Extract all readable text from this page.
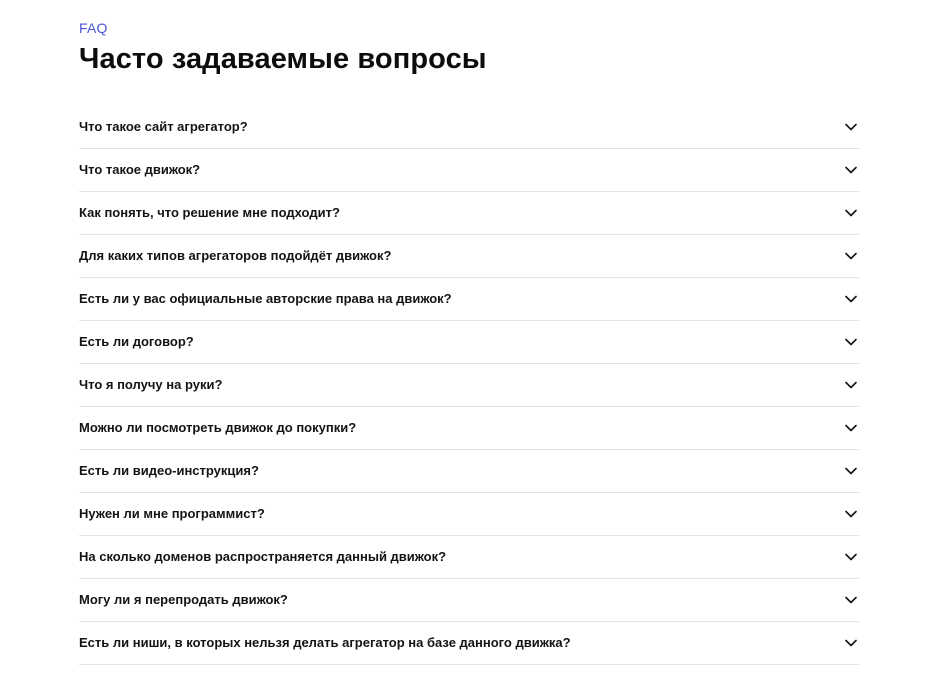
FAQ
Часто задаваемые вопросы
Что такое сайт агрегатор?
Что такое движок?
Как понять, что решение мне подходит?
Для каких типов агрегаторов подойдёт движок?
Есть ли у вас официальные авторские права на движок?
Есть ли договор?
Что я получу на руки?
Можно ли посмотреть движок до покупки?
Есть ли видео-инструкция?
Нужен ли мне программист?
На сколько доменов распространяется данный движок?
Могу ли я перепродать движок?
Есть ли ниши, в которых нельзя делать агрегатор на базе данного движка?
